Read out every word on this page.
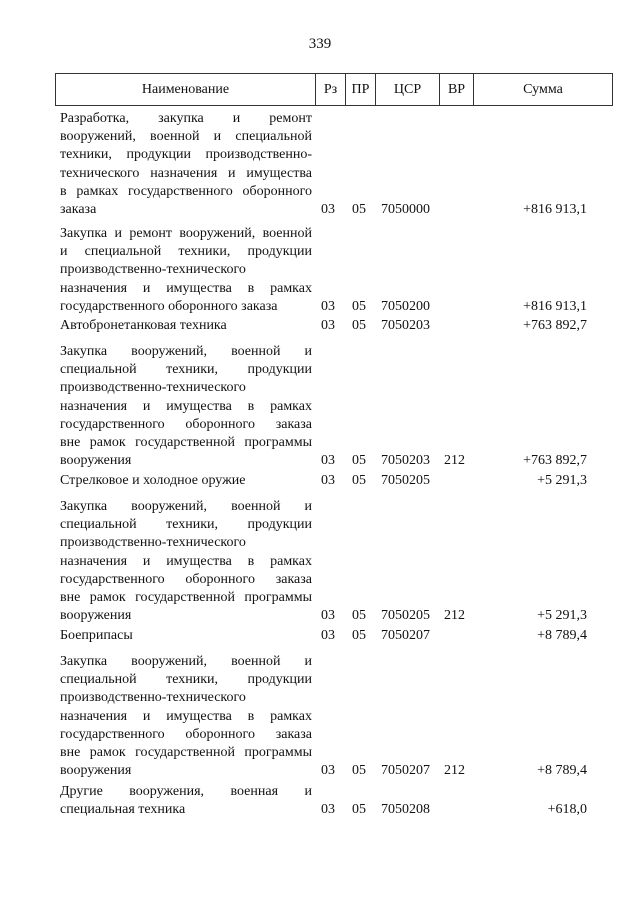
339
Наименование	Рз	ПР	ЦСР	ВР	Сумма
Разработка, закупка и ремонт
вооружений, военной и специальной
техники, продукции производственно-
технического назначения и имущества
в рамках государственного оборонного
заказа	03 05 7050000	+816 913,1
Закупка и ремонт вооружений, военной
и специальной техники, продукции
производственно-технического
назначения и имущества в рамках
государственного оборонного заказа	03 05 7050200	+816 913,1
Автобронетанковая техника	03 05 7050203	+763 892,7
Закупка вооружений, военной и
специальной техники, продукции
производственно-технического
назначения и имущества в рамках
государственного оборонного заказа
вне рамок государственной программы
вооружения	03 05 7050203 212	+763 892,7
Стрелковое и холодное оружие	03 05 7050205	+5 291,3
Закупка вооружений, военной и
специальной техники, продукции
производственно-технического
назначения и имущества в рамках
государственного оборонного заказа
вне рамок государственной программы
вооружения	03 05 7050205 212	+5 291,3
Боеприпасы	03 05 7050207	+8 789,4
Закупка вооружений, военной и
специальной техники, продукции
производственно-технического
назначения и имущества в рамках
государственного оборонного заказа
вне рамок государственной программы
вооружения	03 05 7050207 212	+8 789,4
Другие вооружения, военная и
специальная техника	03 05 7050208	+618,0
